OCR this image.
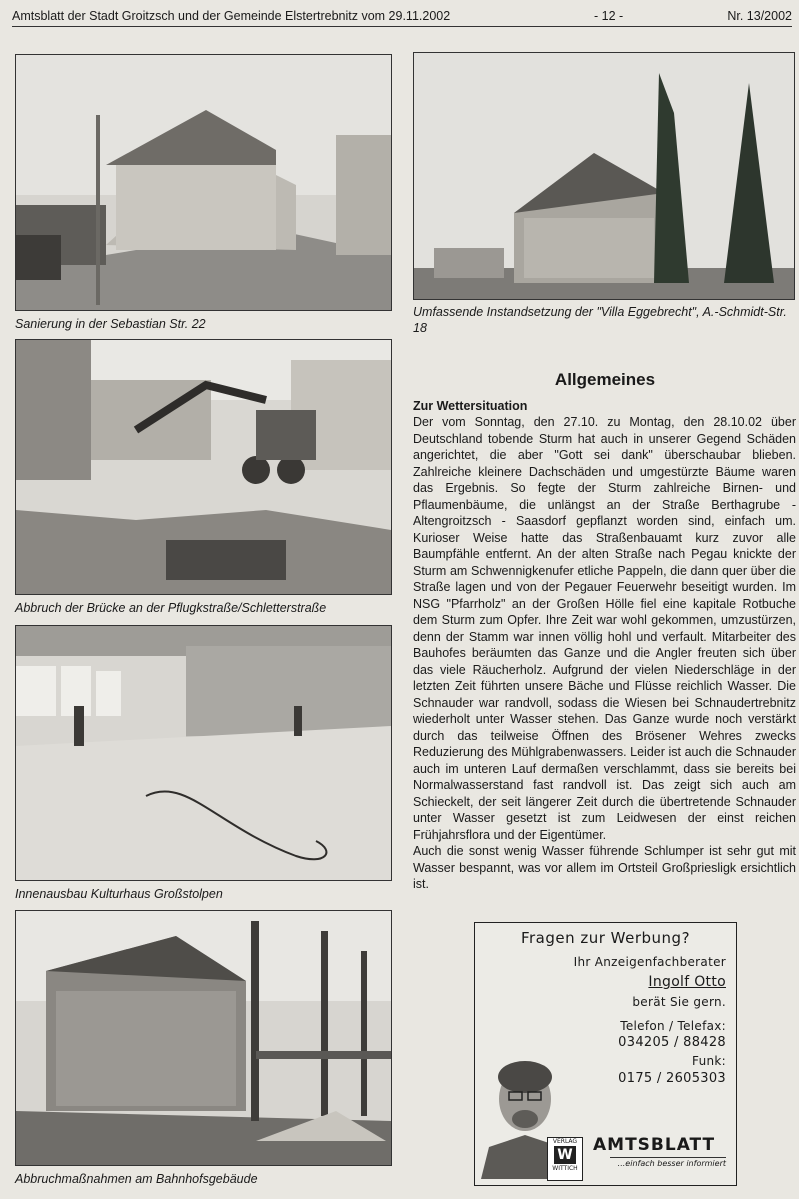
Amtsblatt der Stadt Groitzsch und der Gemeinde Elstertrebnitz vom 29.11.2002	- 12 -	Nr. 13/2002
Sanierung in der Sebastian Str. 22
Umfassende Instandsetzung der "Villa Eggebrecht", A.-Schmidt-Str. 18
Abbruch der Brücke an der Pflugkstraße/Schletterstraße
Innenausbau Kulturhaus Großstolpen
Abbruchmaßnahmen am Bahnhofsgebäude
Allgemeines
Zur Wettersituation

Der vom Sonntag, den 27.10. zu Montag, den 28.10.02 über Deutschland tobende Sturm hat auch in unserer Gegend Schäden angerichtet, die aber "Gott sei dank" überschaubar blieben. Zahlreiche kleinere Dachschäden und umgestürzte Bäume waren das Ergebnis. So fegte der Sturm zahlreiche Birnen- und Pflaumenbäume, die unlängst an der Straße Berthagrube - Altengroitzsch - Saasdorf gepflanzt worden sind, einfach um. Kurioser Weise hatte das Straßenbauamt kurz zuvor alle Baumpfähle entfernt. An der alten Straße nach Pegau knickte der Sturm am Schwennigkenufer etliche Pappeln, die dann quer über die Straße lagen und von der Pegauer Feuerwehr beseitigt wurden. Im NSG "Pfarrholz" an der Großen Hölle fiel eine kapitale Rotbuche dem Sturm zum Opfer. Ihre Zeit war wohl gekommen, umzustürzen, denn der Stamm war innen völlig hohl und verfault. Mitarbeiter des Bauhofes beräumten das Ganze und die Angler freuten sich über das viele Räucherholz. Aufgrund der vielen Niederschläge in der letzten Zeit führten unsere Bäche und Flüsse reichlich Wasser. Die Schnauder war randvoll, sodass die Wiesen bei Schnaudertrebnitz wiederholt unter Wasser stehen. Das Ganze wurde noch verstärkt durch das teilweise Öffnen des Brösener Wehres zwecks Reduzierung des Mühlgrabenwassers. Leider ist auch die Schnauder auch im unteren Lauf dermaßen verschlammt, dass sie bereits bei Normalwasserstand fast randvoll ist. Das zeigt sich auch am Schieckelt, der seit längerer Zeit durch die übertretende Schnauder unter Wasser gesetzt ist zum Leidwesen der einst reichen Frühjahrsflora und der Eigentümer.

Auch die sonst wenig Wasser führende Schlumper ist sehr gut mit Wasser bespannt, was vor allem im Ortsteil Großpriesligk ersichtlich ist.

Fragen zur Werbung?
Ihr Anzeigenfachberater
Ingolf Otto
berät Sie gern.
Telefon / Telefax:
034205 / 88428
Funk:
0175 / 2605303
VERLAG
W
WITTICH
AMTSBLATT
...einfach besser informiert
